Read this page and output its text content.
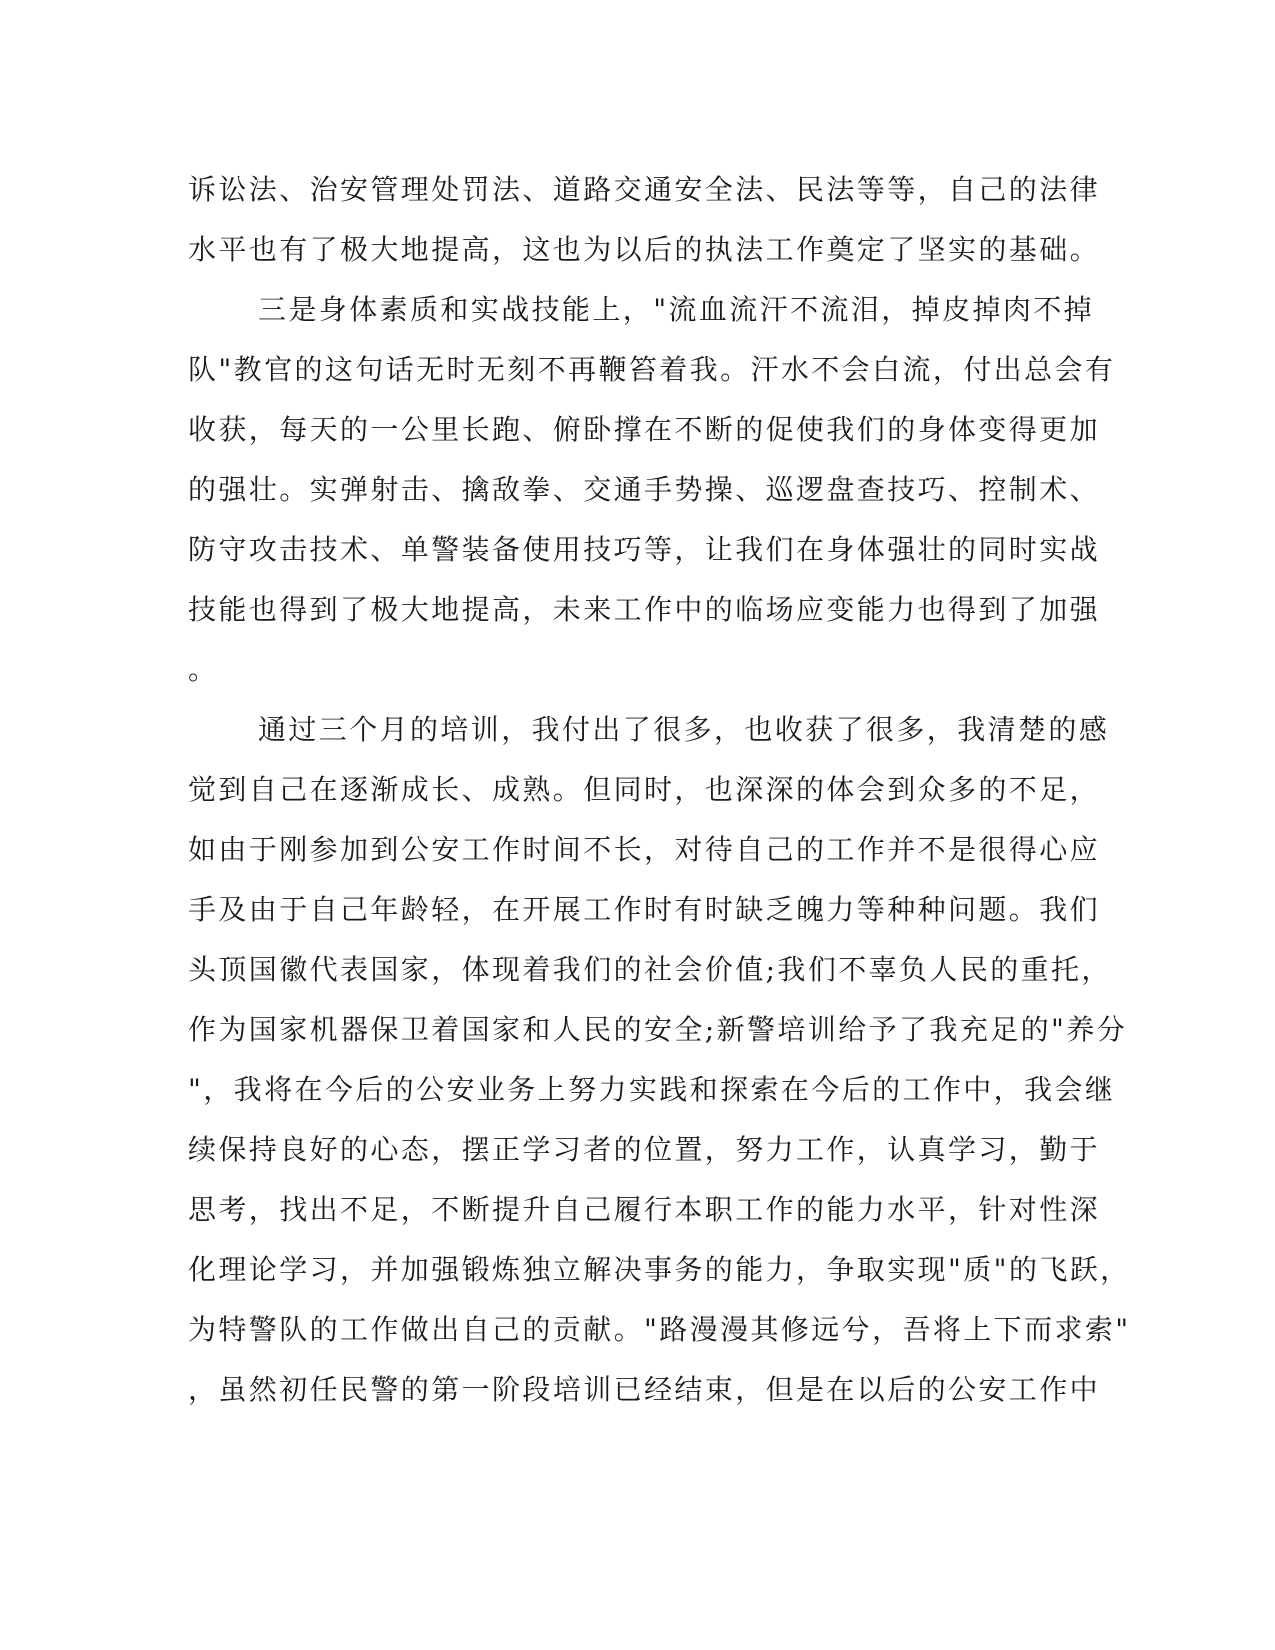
诉讼法、治安管理处罚法、道路交通安全法、民法等等，自己的法律
水平也有了极大地提高，这也为以后的执法工作奠定了坚实的基础。
三是身体素质和实战技能上，"流血流汗不流泪，掉皮掉肉不掉
队"教官的这句话无时无刻不再鞭笞着我。汗水不会白流，付出总会有
收获，每天的一公里长跑、俯卧撑在不断的促使我们的身体变得更加
的强壮。实弹射击、擒敌拳、交通手势操、巡逻盘查技巧、控制术、
防守攻击技术、单警装备使用技巧等，让我们在身体强壮的同时实战
技能也得到了极大地提高，未来工作中的临场应变能力也得到了加强
。
通过三个月的培训，我付出了很多，也收获了很多，我清楚的感
觉到自己在逐渐成长、成熟。但同时，也深深的体会到众多的不足，
如由于刚参加到公安工作时间不长，对待自己的工作并不是很得心应
手及由于自己年龄轻，在开展工作时有时缺乏魄力等种种问题。我们
头顶国徽代表国家，体现着我们的社会价值;我们不辜负人民的重托，
作为国家机器保卫着国家和人民的安全;新警培训给予了我充足的"养分
"，我将在今后的公安业务上努力实践和探索在今后的工作中，我会继
续保持良好的心态，摆正学习者的位置，努力工作，认真学习，勤于
思考，找出不足，不断提升自己履行本职工作的能力水平，针对性深
化理论学习，并加强锻炼独立解决事务的能力，争取实现"质"的飞跃，
为特警队的工作做出自己的贡献。"路漫漫其修远兮，吾将上下而求索"
，虽然初任民警的第一阶段培训已经结束，但是在以后的公安工作中
